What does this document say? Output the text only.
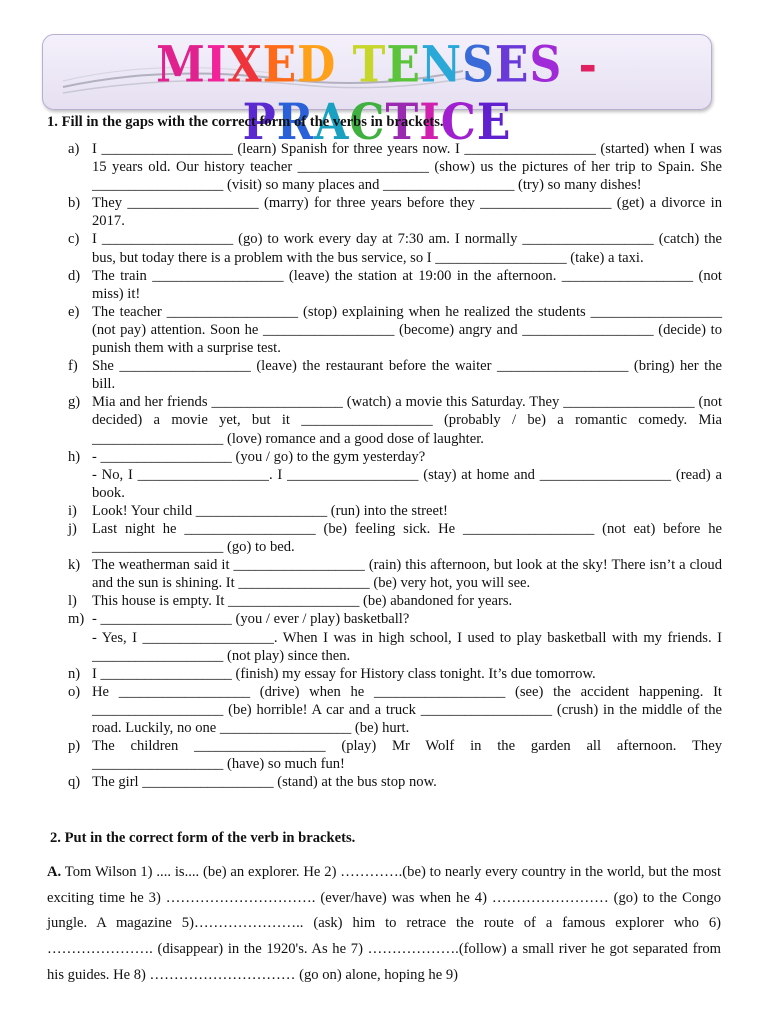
MIXED TENSES - PRACTICE
1. Fill in the gaps with the correct form of the verbs in brackets.
a) I __________________ (learn) Spanish for three years now. I __________________ (started) when I was 15 years old. Our history teacher __________________ (show) us the pictures of her trip to Spain. She __________________ (visit) so many places and __________________ (try) so many dishes!
b) They __________________ (marry) for three years before they __________________ (get) a divorce in 2017.
c) I __________________ (go) to work every day at 7:30 am. I normally __________________ (catch) the bus, but today there is a problem with the bus service, so I __________________ (take) a taxi.
d) The train __________________ (leave) the station at 19:00 in the afternoon. __________________ (not miss) it!
e) The teacher __________________ (stop) explaining when he realized the students __________________ (not pay) attention. Soon he __________________ (become) angry and __________________ (decide) to punish them with a surprise test.
f) She __________________ (leave) the restaurant before the waiter __________________ (bring) her the bill.
g) Mia and her friends __________________ (watch) a movie this Saturday. They __________________ (not decided) a movie yet, but it __________________ (probably / be) a romantic comedy. Mia __________________ (love) romance and a good dose of laughter.
h) - __________________ (you / go) to the gym yesterday?
- No, I __________________. I __________________ (stay) at home and __________________ (read) a book.
i)	Look! Your child __________________ (run) into the street!
j)	Last night he __________________ (be) feeling sick. He __________________ (not eat) before he __________________ (go) to bed.
k) The weatherman said it __________________ (rain) this afternoon, but look at the sky! There isn’t a cloud and the sun is shining. It __________________ (be) very hot, you will see.
l)	This house is empty. It __________________ (be) abandoned for years.
m) - __________________ (you / ever / play) basketball?
- Yes, I __________________. When I was in high school, I used to play basketball with my friends. I __________________ (not play) since then.
n) I __________________ (finish) my essay for History class tonight. It’s due tomorrow.
o) He __________________ (drive) when he __________________ (see) the accident happening. It __________________ (be) horrible! A car and a truck __________________ (crush) in the middle of the road. Luckily, no one __________________ (be) hurt.
p) The children __________________ (play) Mr Wolf in the garden all afternoon. They __________________ (have) so much fun!
q) The girl __________________ (stand) at the bus stop now.
2. Put in the correct form of the verb in brackets.
A. Tom Wilson 1) .... is.... (be) an explorer. He 2) ………….(be) to nearly every country in the world, but the most exciting time he 3) …………………………. (ever/have) was when he 4) …………………… (go) to the Congo jungle. A magazine 5)………………….. (ask) him to retrace the route of a famous explorer who 6) …………………. (disappear) in the 1920's. As he 7) ……………….(follow) a small river he got separated from his guides. He 8) ………………………… (go on) alone, hoping he 9)
